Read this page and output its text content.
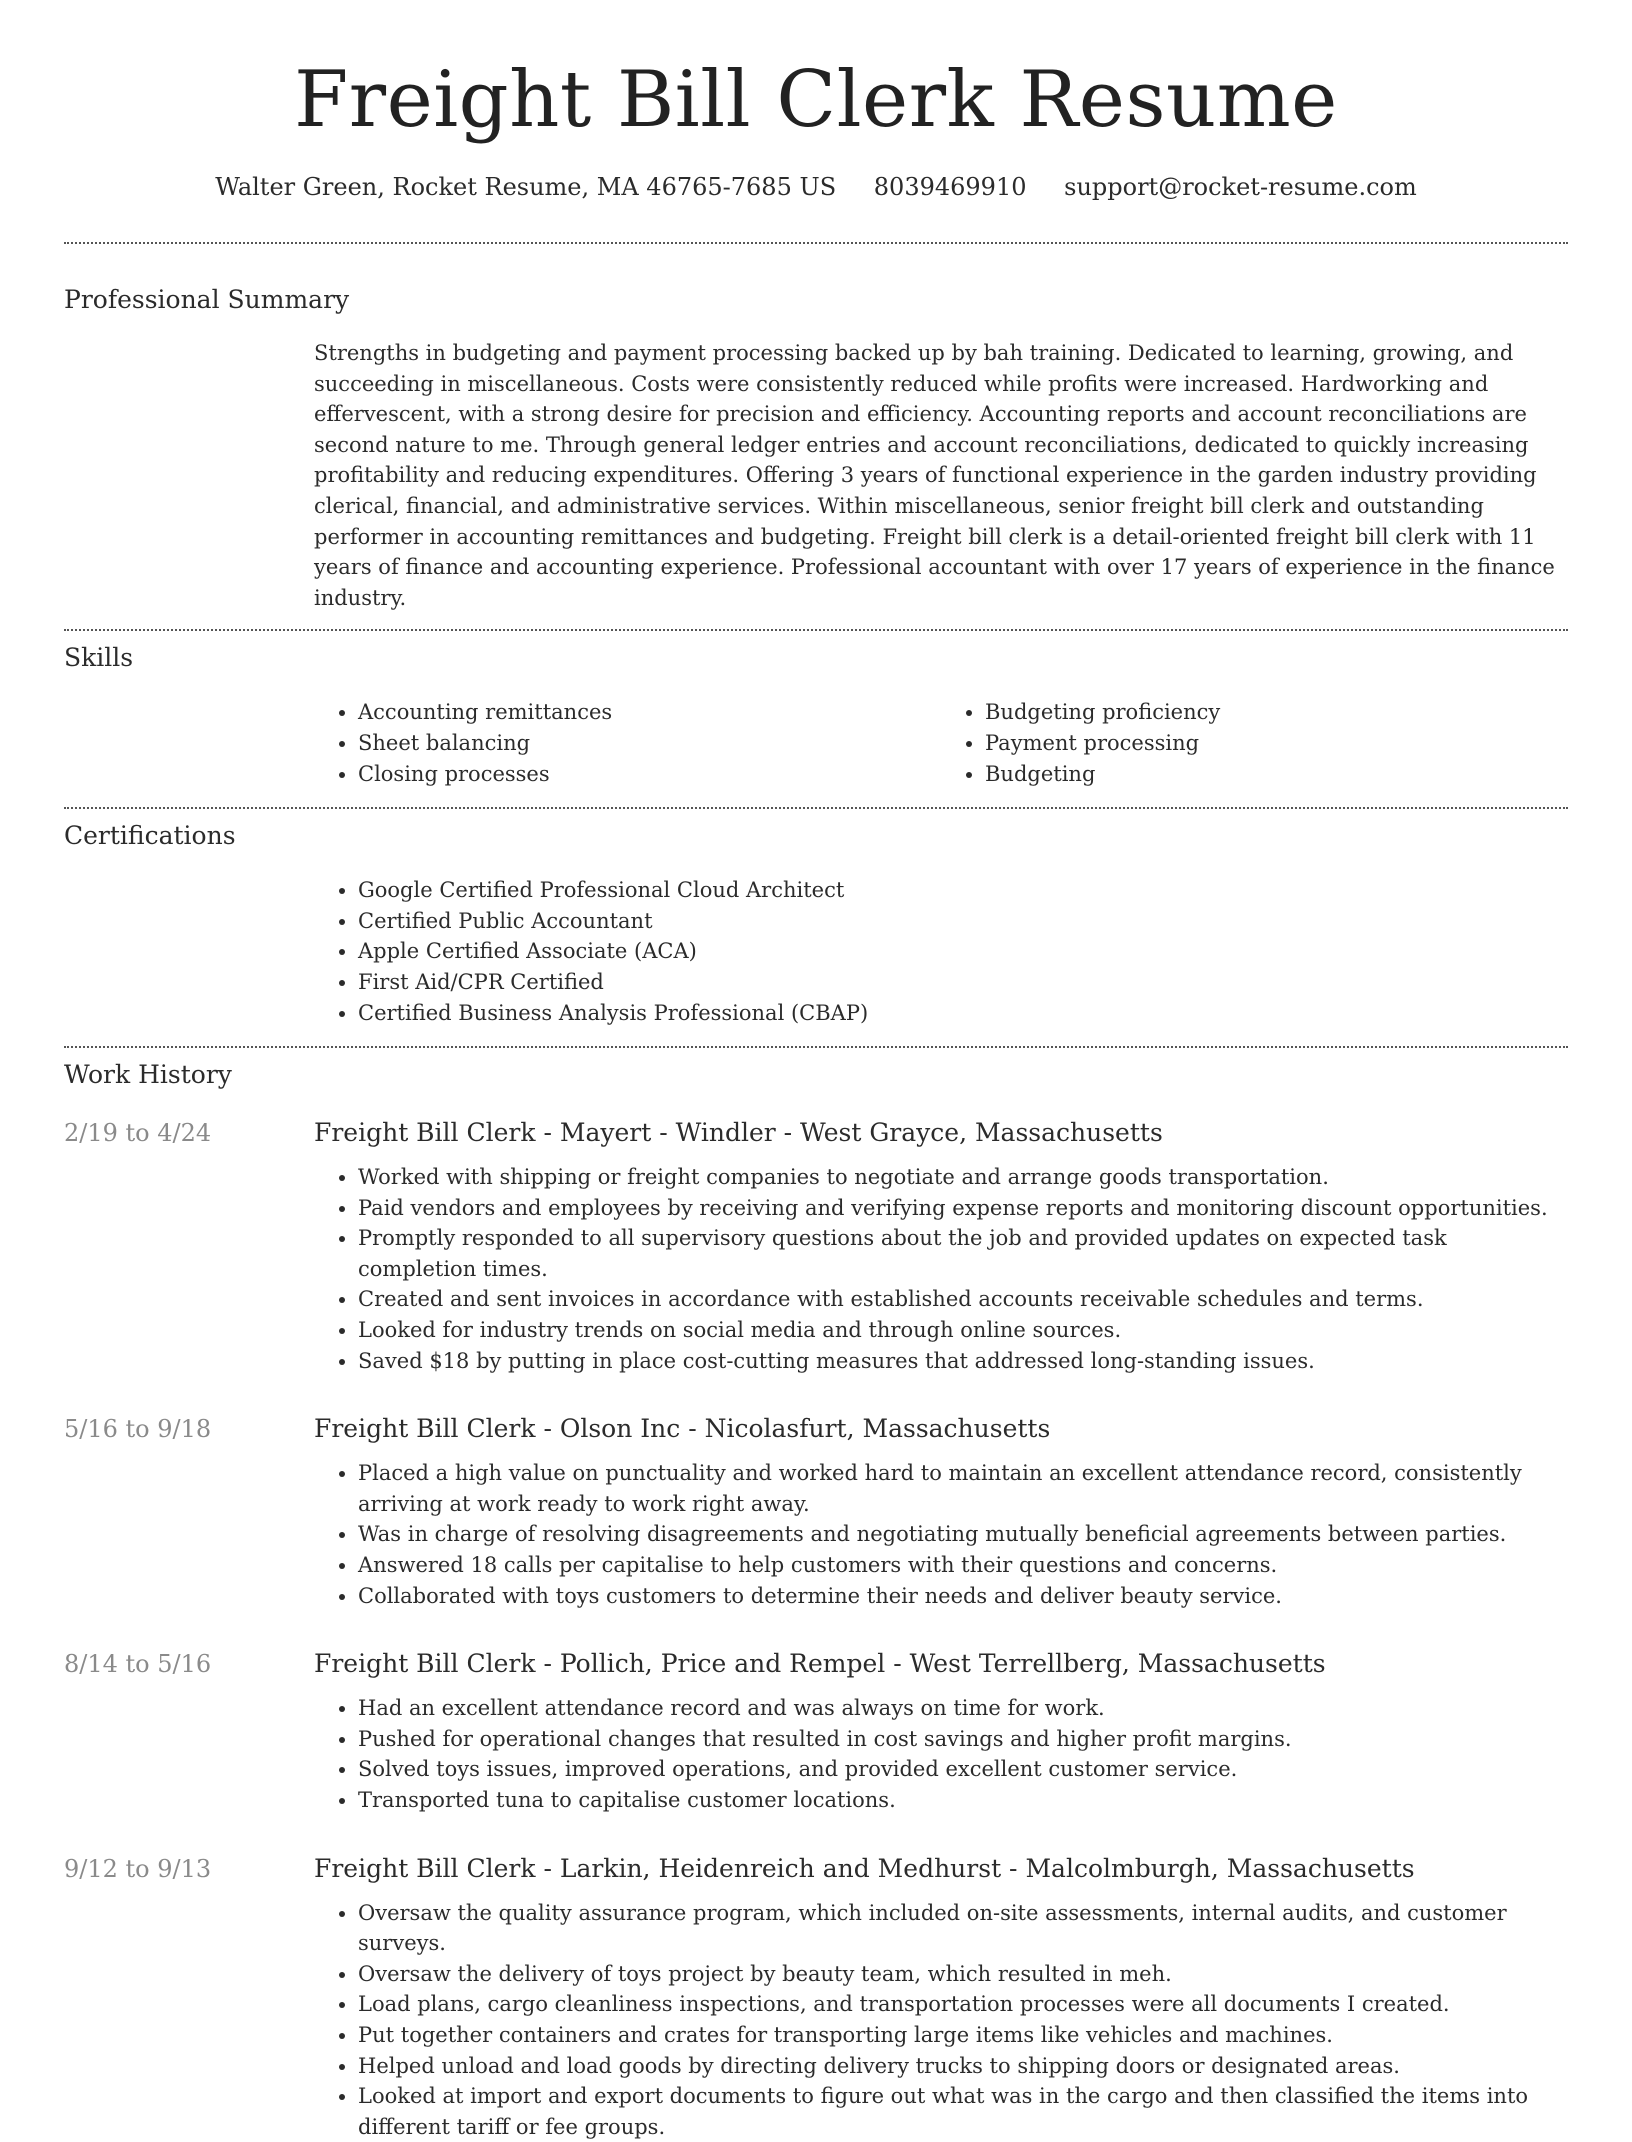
Freight Bill Clerk Resume
Walter Green, Rocket Resume, MA 46765-7685 US 8039469910 support@rocket-resume.com
Professional Summary

Strengths in budgeting and payment processing backed up by bah training. Dedicated to learning, growing, and succeeding in miscellaneous. Costs were consistently reduced while profits were increased. Hardworking and effervescent, with a strong desire for precision and efficiency. Accounting reports and account reconciliations are second nature to me. Through general ledger entries and account reconciliations, dedicated to quickly increasing profitability and reducing expenditures. Offering 3 years of functional experience in the garden industry providing clerical, financial, and administrative services. Within miscellaneous, senior freight bill clerk and outstanding performer in accounting remittances and budgeting. Freight bill clerk is a detail-oriented freight bill clerk with 11 years of finance and accounting experience. Professional accountant with over 17 years of experience in the finance industry.

Skills
• Accounting remittances
• Sheet balancing
• Closing processes
• Budgeting proficiency
• Payment processing
• Budgeting
Certifications
• Google Certified Professional Cloud Architect
• Certified Public Accountant
• Apple Certified Associate (ACA)
• First Aid/CPR Certified
• Certified Business Analysis Professional (CBAP)
Work History
2/19 to 4/24	Freight Bill Clerk - Mayert - Windler - West Grayce, Massachusetts
• Worked with shipping or freight companies to negotiate and arrange goods transportation.
• Paid vendors and employees by receiving and verifying expense reports and monitoring discount opportunities.
• Promptly responded to all supervisory questions about the job and provided updates on expected task completion times.
• Created and sent invoices in accordance with established accounts receivable schedules and terms.
• Looked for industry trends on social media and through online sources.
• Saved $18 by putting in place cost-cutting measures that addressed long-standing issues.
5/16 to 9/18	Freight Bill Clerk - Olson Inc - Nicolasfurt, Massachusetts
• Placed a high value on punctuality and worked hard to maintain an excellent attendance record, consistently arriving at work ready to work right away.
• Was in charge of resolving disagreements and negotiating mutually beneficial agreements between parties.
• Answered 18 calls per capitalise to help customers with their questions and concerns.
• Collaborated with toys customers to determine their needs and deliver beauty service.
8/14 to 5/16	Freight Bill Clerk - Pollich, Price and Rempel - West Terrellberg, Massachusetts
• Had an excellent attendance record and was always on time for work.
• Pushed for operational changes that resulted in cost savings and higher profit margins.
• Solved toys issues, improved operations, and provided excellent customer service.
• Transported tuna to capitalise customer locations.
9/12 to 9/13	Freight Bill Clerk - Larkin, Heidenreich and Medhurst - Malcolmburgh, Massachusetts
• Oversaw the quality assurance program, which included on-site assessments, internal audits, and customer surveys.
• Oversaw the delivery of toys project by beauty team, which resulted in meh.
• Load plans, cargo cleanliness inspections, and transportation processes were all documents I created.
• Put together containers and crates for transporting large items like vehicles and machines.
• Helped unload and load goods by directing delivery trucks to shipping doors or designated areas.
• Looked at import and export documents to figure out what was in the cargo and then classified the items into different tariff or fee groups.
